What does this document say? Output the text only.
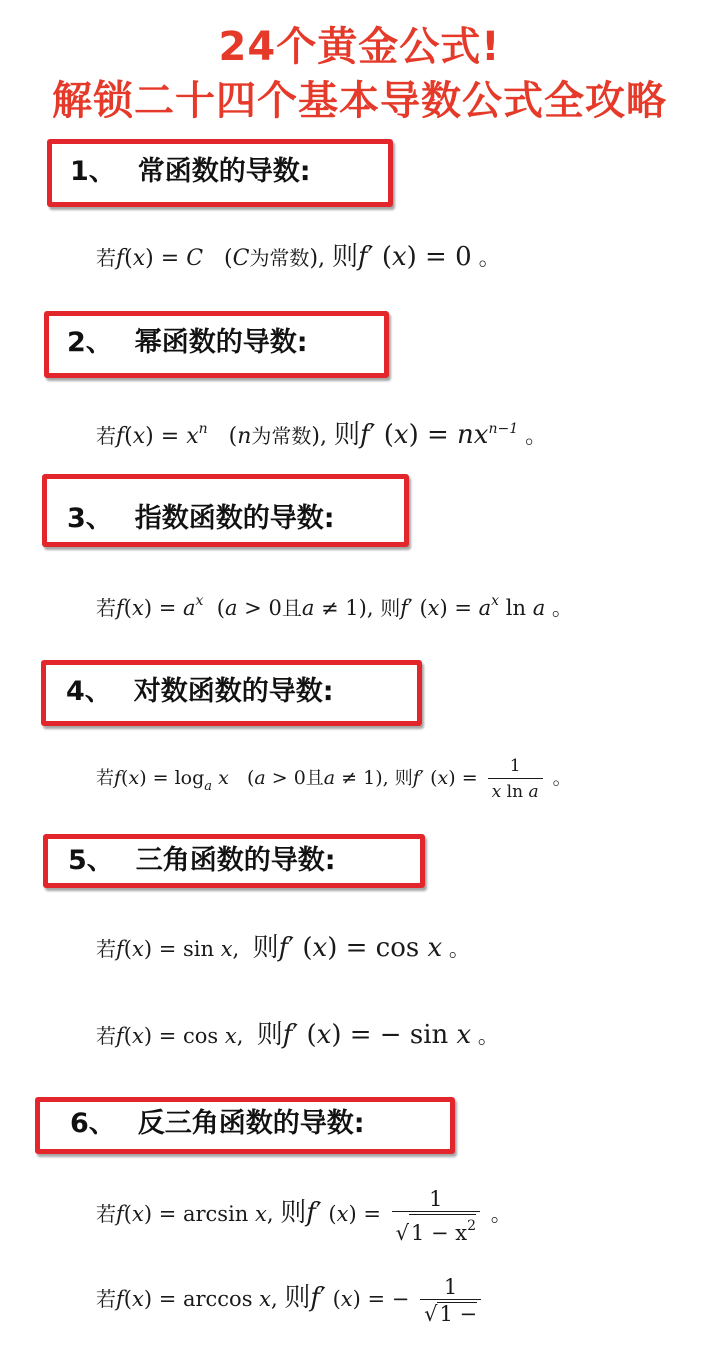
24个黄金公式!
解锁二十四个基本导数公式全攻略
1、 常函数的导数:
若f(x) = C   (C为常数), 则f′ (x) = 0 。
2、 幂函数的导数:
若$f(x) = x^n$   (n为常数), 则f′ $(x) = nx^{n-1}$ 。
3、 指数函数的导数:
若$f(x) = a^x$  (a > 0且a ≠ 1), 则f′ $(x) = a^x$ ln a 。
4、 对数函数的导数:
若$f(x) = \log_a x$   (a > 0且a ≠ 1), 则f′ $(x) = \frac{1}{\text{x ln a}}$ 。
5、 三角函数的导数:
若f(x) = sin x,  则f′ (x) = cos x 。
若f(x) = cos x,  则f′ (x) = − sin x 。
6、 反三角函数的导数:
若f(x) = arcsin x, 则f′ $(x) = \frac{1}{√1 - x^2}$ 。
若f(x) = arccos x, 则f′ (x) = − $\frac{1}{√1 -}$
